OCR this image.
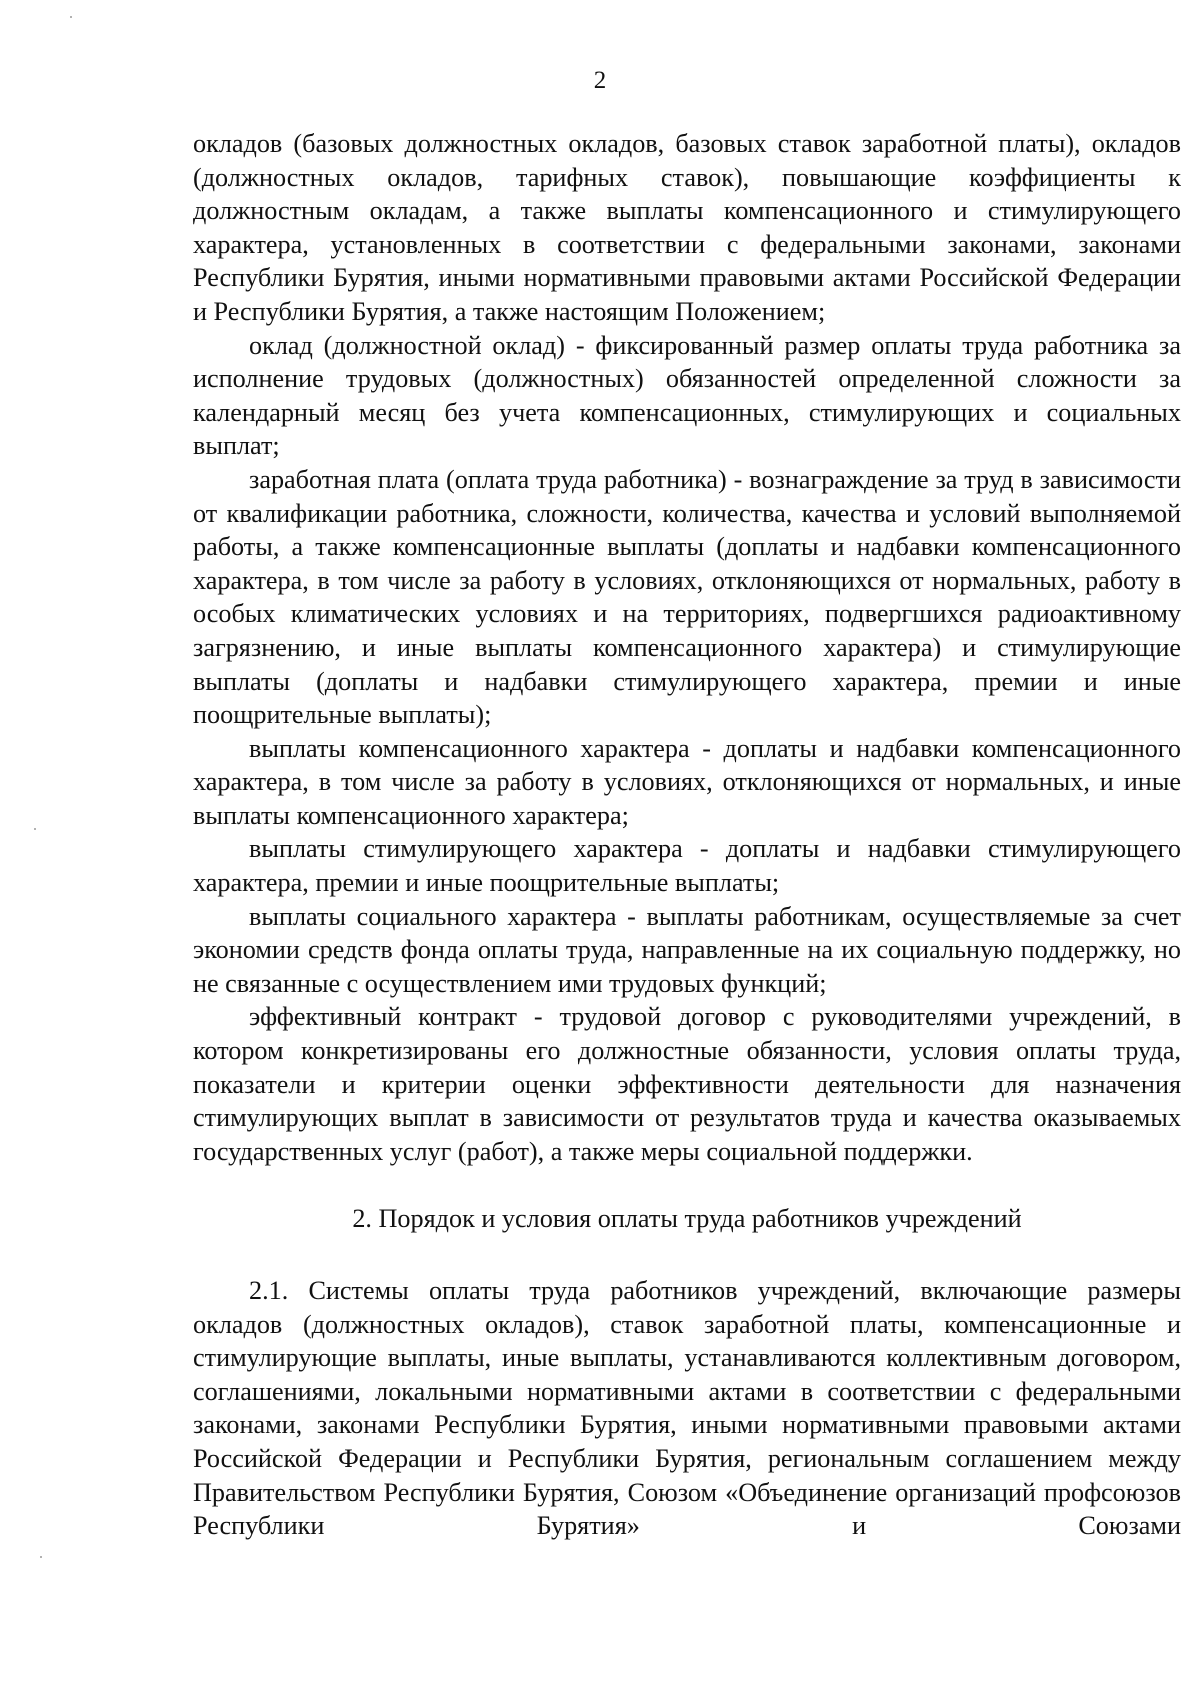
2

окладов (базовых должностных окладов, базовых ставок заработной платы), окладов (должностных окладов, тарифных ставок), повышающие коэффициенты к должностным окладам, а также выплаты компенсационного и стимулирующего характера, установленных в соответствии с федеральными законами, законами Республики Бурятия, иными нормативными правовыми актами Российской Федерации и Республики Бурятия, а также настоящим Положением;

оклад (должностной оклад) - фиксированный размер оплаты труда работника за исполнение трудовых (должностных) обязанностей определенной сложности за календарный месяц без учета компенсационных, стимулирующих и социальных выплат;

заработная плата (оплата труда работника) - вознаграждение за труд в зависимости от квалификации работника, сложности, количества, качества и условий выполняемой работы, а также компенсационные выплаты (доплаты и надбавки компенсационного характера, в том числе за работу в условиях, отклоняющихся от нормальных, работу в особых климатических условиях и на территориях, подвергшихся радиоактивному загрязнению, и иные выплаты компенсационного характера) и стимулирующие выплаты (доплаты и надбавки стимулирующего характера, премии и иные поощрительные выплаты);

выплаты компенсационного характера - доплаты и надбавки компенсационного характера, в том числе за работу в условиях, отклоняющихся от нормальных, и иные выплаты компенсационного характера;

выплаты стимулирующего характера - доплаты и надбавки стимулирующего характера, премии и иные поощрительные выплаты;

выплаты социального характера - выплаты работникам, осуществляемые за счет экономии средств фонда оплаты труда, направленные на их социальную поддержку, но не связанные с осуществлением ими трудовых функций;

эффективный контракт - трудовой договор с руководителями учреждений, в котором конкретизированы его должностные обязанности, условия оплаты труда, показатели и критерии оценки эффективности деятельности для назначения стимулирующих выплат в зависимости от результатов труда и качества оказываемых государственных услуг (работ), а также меры социальной поддержки.

2. Порядок и условия оплаты труда работников учреждений

2.1. Системы оплаты труда работников учреждений, включающие размеры окладов (должностных окладов), ставок заработной платы, компенсационные и стимулирующие выплаты, иные выплаты, устанавливаются коллективным договором, соглашениями, локальными нормативными актами в соответствии с федеральными законами, законами Республики Бурятия, иными нормативными правовыми актами Российской Федерации и Республики Бурятия, региональным соглашением между Правительством Республики Бурятия, Союзом «Объединение организаций профсоюзов Республики Бурятия» и Союзами
